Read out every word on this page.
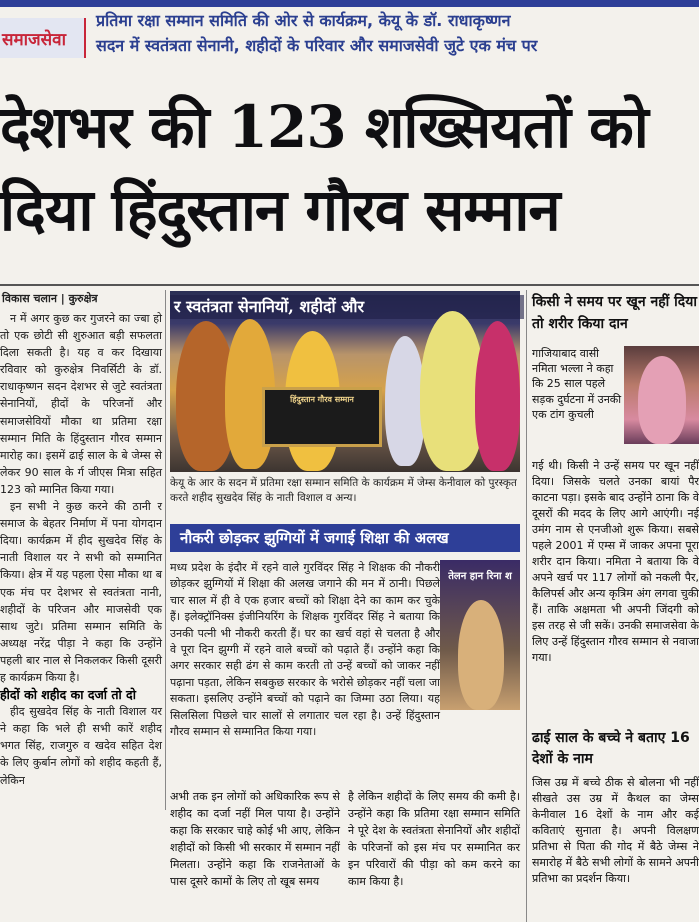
समाजसेवा
प्रतिमा रक्षा सम्मान समिति की ओर से कार्यक्रम, केयू के डॉ. राधाकृष्णन
सदन में स्वतंत्रता सेनानी, शहीदों के परिवार और समाजसेवी जुटे एक मंच पर
देशभर की 123 शख्सियतों को
दिया हिंदुस्तान गौरव सम्मान
विकास चलान | कुरुक्षेत्र

न में अगर कुछ कर गुजरने का ज्बा हो तो एक छोटी सी शुरुआत बड़ी सफलता दिला सकती है। यह व कर दिखाया रविवार को कुरुक्षेत्र निवर्सिटी के डॉ. राधाकृष्णन सदन देशभर से जुटे स्वतंत्रता सेनानियों, हीदों के परिजनों और समाजसेवियों मौका था प्रतिमा रक्षा सम्मान मिति के हिंदुस्तान गौरव सम्मान मारोह का। इसमें ढाई साल के बे जेम्स से लेकर 90 साल के र्ग जीएस मित्रा सहित 123 को म्मानित किया गया।

इन सभी ने कुछ करने की ठानी र समाज के बेहतर निर्माण में पना योगदान दिया। कार्यक्रम में हीद सुखदेव सिंह के नाती विशाल यर ने सभी को सम्मानित किया। क्षेत्र में यह पहला ऐसा मौका था ब एक मंच पर देशभर से स्वतंत्रता नानी, शहीदों के परिजन और माजसेवी एक साथ जुटे। प्रतिमा सम्मान समिति के अध्यक्ष नरेंद्र पीड़ा ने कहा कि उन्होंने पहली बार नाल से निकलकर किसी दूसरी ह कार्यक्रम किया है।

हीदों को शहीद का दर्जा तो दो

हीद सुखदेव सिंह के नाती विशाल यर ने कहा कि भले ही सभी कारें शहीद भगत सिंह, राजगुरु व खदेव सहित देश के लिए कुर्बान लोगों को शहीद कहती हैं, लेकिन

र स्वतंत्रता सेनानियों, शहीदों और
हिंदुस्तान गौरव सम्मान
केयू के आर के सदन में प्रतिमा रक्षा सम्मान समिति के कार्यक्रम में जेम्स केनीवाल को पुरस्कृत करते शहीद सुखदेव सिंह के नाती विशाल व अन्य।
नौकरी छोड़कर झुग्गियों में जगाई शिक्षा की अलख
मध्य प्रदेश के इंदौर में रहने वाले गुरविंदर सिंह ने शिक्षक की नौकरी छोड़कर झुग्गियों में शिक्षा की अलख जगाने की मन में ठानी। पिछले चार साल में ही वे एक हजार बच्चों को शिक्षा देने का काम कर चुके हैं। इलेक्ट्रॉनिक्स इंजीनियरिंग के शिक्षक गुरविंदर सिंह ने बताया कि उनकी पत्नी भी नौकरी करती हैं। घर का खर्च वहां से चलता है और वे पूरा दिन झुग्गी में रहने वाले बच्चों को पढ़ाते हैं। उन्होंने कहा कि अगर सरकार सही ढंग से काम करती तो उन्हें बच्चों को जाकर नहीं पढ़ाना पड़ता, लेकिन सबकुछ सरकार के भरोसे छोड़कर नहीं चला जा सकता। इसलिए उन्होंने बच्चों को पढ़ाने का जिम्मा उठा लिया। यह सिलसिला पिछले चार सालों से लगातार चल रहा है। उन्हें हिंदुस्तान गौरव सम्मान से सम्मानित किया गया।
तेलन हान रिना श
अभी तक इन लोगों को अधिकारिक रूप से शहीद का दर्जा नहीं मिल पाया है। उन्होंने कहा कि सरकार चाहे कोई भी आए, लेकिन शहीदों को किसी भी सरकार में सम्मान नहीं मिलता। उन्होंने कहा कि राजनेताओं के पास दूसरे कामों के लिए तो खूब समय
है लेकिन शहीदों के लिए समय की कमी है। उन्होंने कहा कि प्रतिमा रक्षा सम्मान समिति ने पूरे देश के स्वतंत्रता सेनानियों और शहीदों के परिजनों को इस मंच पर सम्मानित कर इन परिवारों की पीड़ा को कम करने का काम किया है।
किसी ने समय पर खून नहीं दिया तो शरीर किया दान
गाजियाबाद वासी नमिता भल्ला ने कहा कि 25 साल पहले सड़क दुर्घटना में उनकी एक टांग कुचली
गई थी। किसी ने उन्हें समय पर खून नहीं दिया। जिसके चलते उनका बायां पैर काटना पड़ा। इसके बाद उन्होंने ठाना कि वे दूसरों की मदद के लिए आगे आएंगी। नई उमंग नाम से एनजीओ शुरू किया। सबसे पहले 2001 में एम्स में जाकर अपना पूरा शरीर दान किया। नमिता ने बताया कि वे अपने खर्च पर 117 लोगों को नकली पैर, कैलिपर्स और अन्य कृत्रिम अंग लगवा चुकी हैं। ताकि अक्षमता भी अपनी जिंदगी को इस तरह से जी सकें। उनकी समाजसेवा के लिए उन्हें हिंदुस्तान गौरव सम्मान से नवाजा गया।
ढाई साल के बच्चे ने बताए 16 देशों के नाम
जिस उम्र में बच्चे ठीक से बोलना भी नहीं सीखते उस उम्र में कैथल का जेम्स केनीवाल 16 देशों के नाम और कई कविताएं सुनाता है। अपनी विलक्षण प्रतिभा से पिता की गोद में बैठे जेम्स ने समारोह में बैठे सभी लोगों के सामने अपनी प्रतिभा का प्रदर्शन किया।
